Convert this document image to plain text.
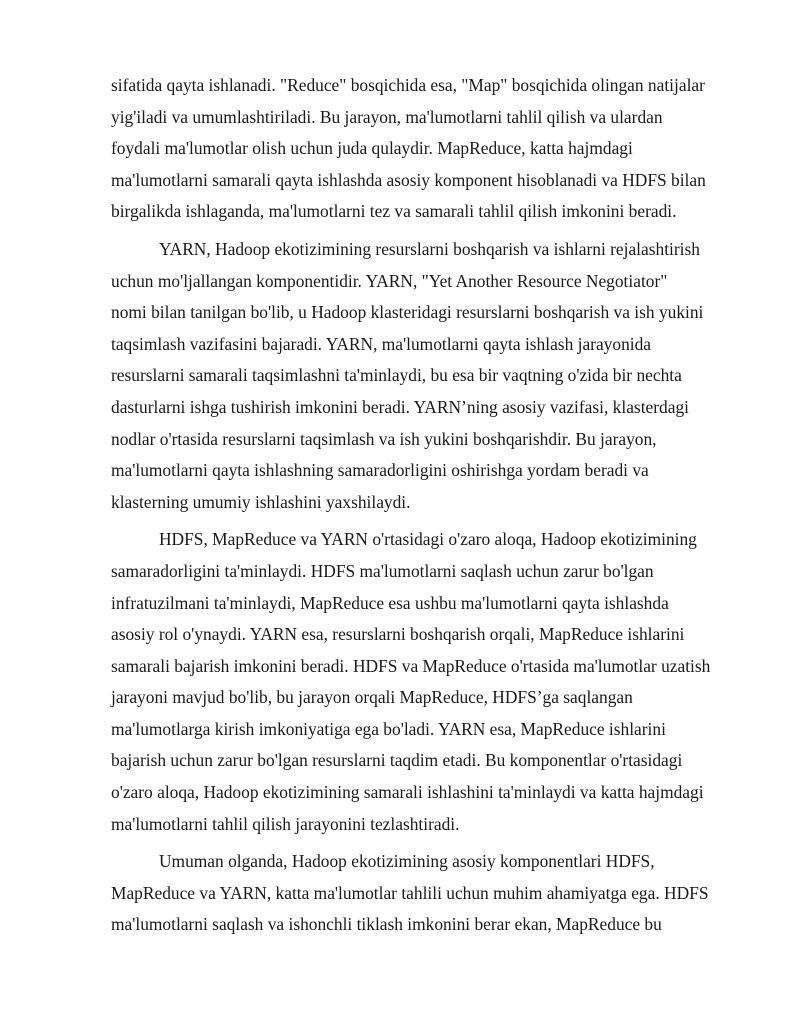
sifatida qayta ishlanadi. "Reduce" bosqichida esa, "Map" bosqichida olingan natijalar
yig'iladi va umumlashtiriladi. Bu jarayon, ma'lumotlarni tahlil qilish va ulardan
foydali ma'lumotlar olish uchun juda qulaydir. MapReduce, katta hajmdagi
ma'lumotlarni samarali qayta ishlashda asosiy komponent hisoblanadi va HDFS bilan
birgalikda ishlaganda, ma'lumotlarni tez va samarali tahlil qilish imkonini beradi.
YARN, Hadoop ekotizimining resurslarni boshqarish va ishlarni rejalashtirish
uchun mo'ljallangan komponentidir. YARN, "Yet Another Resource Negotiator"
nomi bilan tanilgan bo'lib, u Hadoop klasteridagi resurslarni boshqarish va ish yukini
taqsimlash vazifasini bajaradi. YARN, ma'lumotlarni qayta ishlash jarayonida
resurslarni samarali taqsimlashni ta'minlaydi, bu esa bir vaqtning o'zida bir nechta
dasturlarni ishga tushirish imkonini beradi. YARN’ning asosiy vazifasi, klasterdagi
nodlar o'rtasida resurslarni taqsimlash va ish yukini boshqarishdir. Bu jarayon,
ma'lumotlarni qayta ishlashning samaradorligini oshirishga yordam beradi va
klasterning umumiy ishlashini yaxshilaydi.
HDFS, MapReduce va YARN o'rtasidagi o'zaro aloqa, Hadoop ekotizimining
samaradorligini ta'minlaydi. HDFS ma'lumotlarni saqlash uchun zarur bo'lgan
infratuzilmani ta'minlaydi, MapReduce esa ushbu ma'lumotlarni qayta ishlashda
asosiy rol o'ynaydi. YARN esa, resurslarni boshqarish orqali, MapReduce ishlarini
samarali bajarish imkonini beradi. HDFS va MapReduce o'rtasida ma'lumotlar uzatish
jarayoni mavjud bo'lib, bu jarayon orqali MapReduce, HDFS’ga saqlangan
ma'lumotlarga kirish imkoniyatiga ega bo'ladi. YARN esa, MapReduce ishlarini
bajarish uchun zarur bo'lgan resurslarni taqdim etadi. Bu komponentlar o'rtasidagi
o'zaro aloqa, Hadoop ekotizimining samarali ishlashini ta'minlaydi va katta hajmdagi
ma'lumotlarni tahlil qilish jarayonini tezlashtiradi.
Umuman olganda, Hadoop ekotizimining asosiy komponentlari HDFS,
MapReduce va YARN, katta ma'lumotlar tahlili uchun muhim ahamiyatga ega. HDFS
ma'lumotlarni saqlash va ishonchli tiklash imkonini berar ekan, MapReduce bu
